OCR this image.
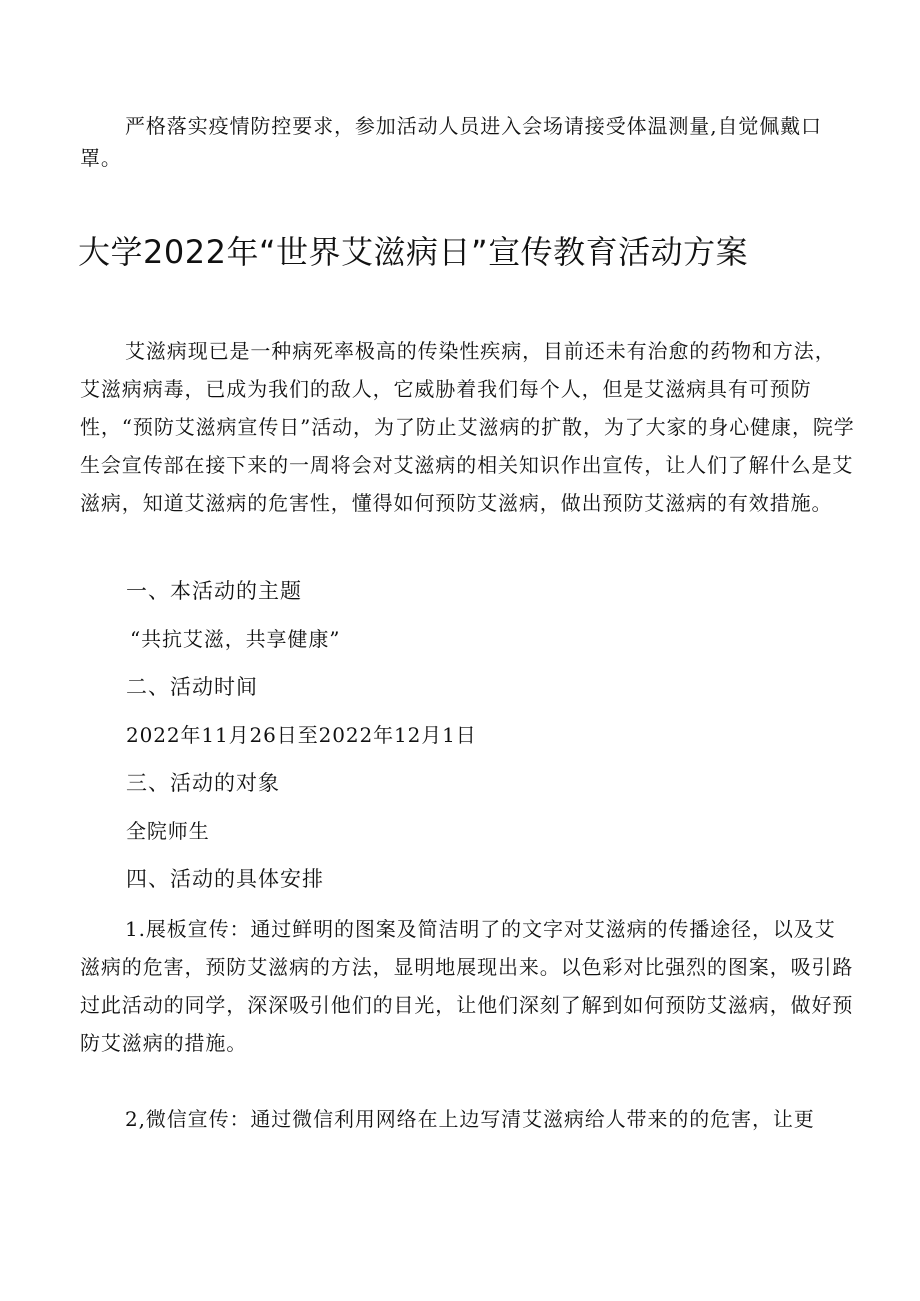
严格落实疫情防控要求，参加活动人员进入会场请接受体温测量,自觉佩戴口罩。

大学2022年“世界艾滋病日”宣传教育活动方案

艾滋病现已是一种病死率极高的传染性疾病，目前还未有治愈的药物和方法，艾滋病病毒，已成为我们的敌人，它威胁着我们每个人，但是艾滋病具有可预防性，“预防艾滋病宣传日”活动，为了防止艾滋病的扩散，为了大家的身心健康，院学生会宣传部在接下来的一周将会对艾滋病的相关知识作出宣传，让人们了解什么是艾滋病，知道艾滋病的危害性，懂得如何预防艾滋病，做出预防艾滋病的有效措施。

一、本活动的主题

“共抗艾滋，共享健康”

二、活动时间

2022年11月26日至2022年12月1日

三、活动的对象

全院师生

四、活动的具体安排

1.展板宣传：通过鲜明的图案及简洁明了的文字对艾滋病的传播途径，以及艾滋病的危害，预防艾滋病的方法，显明地展现出来。以色彩对比强烈的图案，吸引路过此活动的同学，深深吸引他们的目光，让他们深刻了解到如何预防艾滋病，做好预防艾滋病的措施。

2,微信宣传：通过微信利用网络在上边写清艾滋病给人带来的的危害，让更
